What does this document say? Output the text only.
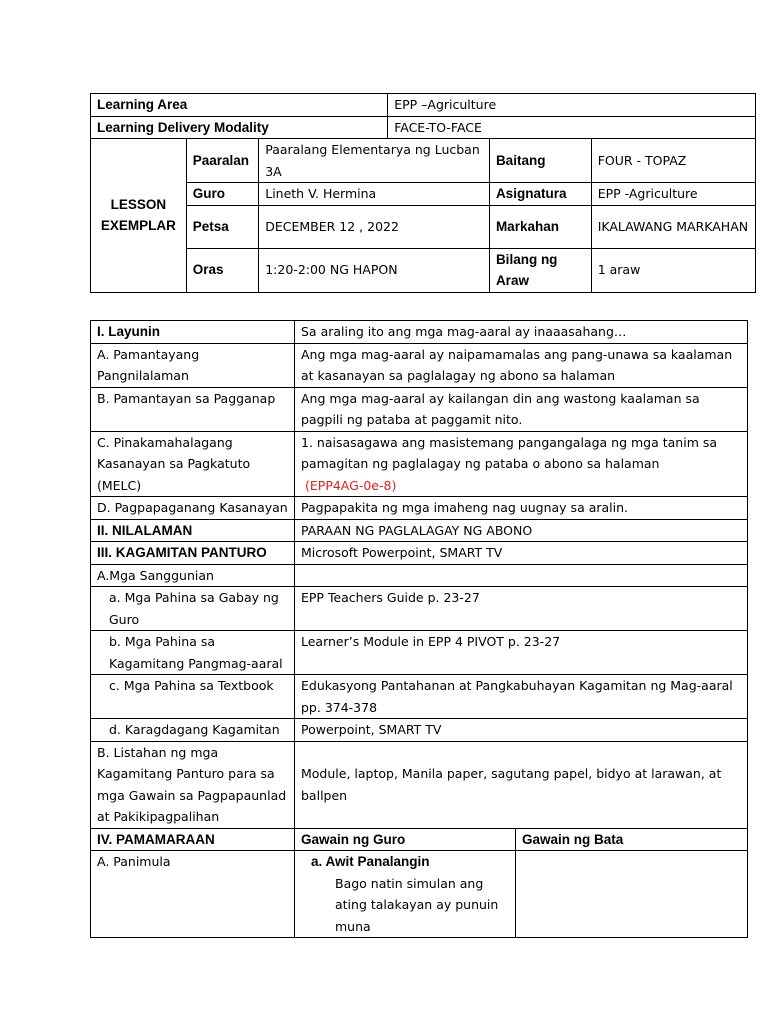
Learning Area			EPP –Agriculture		
Learning Delivery Modality			FACE-TO-FACE		
LESSON EXEMPLAR	Paaralan	Paaralang Elementarya ng Lucban 3A		Baitang	FOUR - TOPAZ
	Guro	Lineth V. Hermina		Asignatura	EPP -Agriculture
	Petsa	DECEMBER 12 , 2022		Markahan	IKALAWANG MARKAHAN
	Oras	1:20-2:00 NG HAPON		Bilang ng Araw	1 araw
I. Layunin	Sa araling ito ang mga mag-aaral ay inaaasahang…	
A. Pamantayang Pangnilalaman	Ang mga mag-aaral ay naipamamalas ang pang-unawa sa kaalaman at kasanayan sa paglalagay ng abono sa halaman	
B. Pamantayan sa Pagganap	Ang mga mag-aaral ay kailangan din ang wastong kaalaman sa pagpili ng pataba at paggamit nito.	
C. Pinakamahalagang Kasanayan sa Pagkatuto (MELC)	1. naisasagawa ang masistemang pangangalaga ng mga tanim sa pamagitan ng paglalagay ng pataba o abono sa halaman
(EPP4AG-0e-8)	

D. Pagpapaganang Kasanayan	Pagpapakita ng mga imaheng nag uugnay sa aralin.	
II. NILALAMAN	PARAAN NG PAGLALAGAY NG ABONO	
III. KAGAMITAN PANTURO	Microsoft Powerpoint, SMART TV	
A.Mga Sanggunian		
a. Mga Pahina sa Gabay ng Guro	EPP Teachers Guide p. 23-27	
b. Mga Pahina sa Kagamitang Pangmag-aaral	Learner’s Module in EPP 4 PIVOT p. 23-27	
c. Mga Pahina sa Textbook	Edukasyong Pantahanan at Pangkabuhayan Kagamitan ng Mag-aaral pp. 374-378	
d. Karagdagang Kagamitan	Powerpoint, SMART TV	
B. Listahan ng mga Kagamitang Panturo para sa mga Gawain sa Pagpapaunlad at Pakikipagpalihan	Module, laptop, Manila paper, sagutang papel, bidyo at larawan, at ballpen	
IV. PAMAMARAAN	Gawain ng Guro	Gawain ng Bata
A. Panimula	a. Awit Panalangin
Bago natin simulan ang ating talakayan ay punuin muna	
